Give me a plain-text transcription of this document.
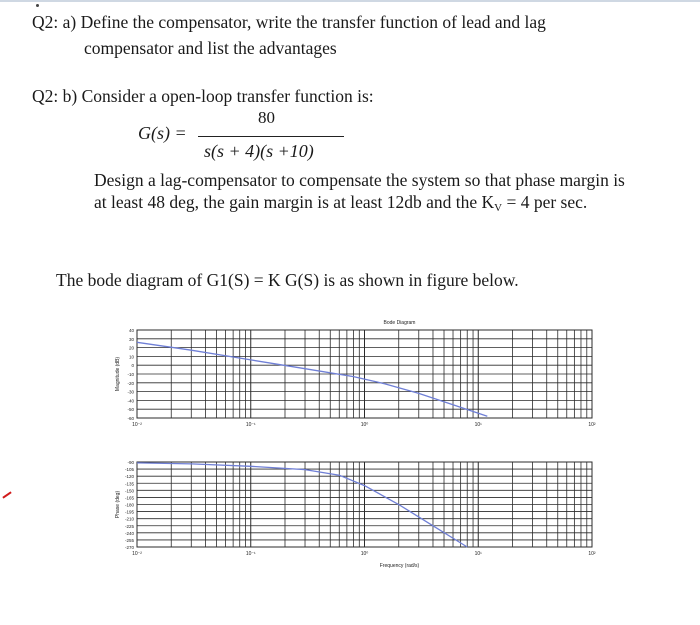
Q2: a) Define the compensator, write the transfer function of lead and lag
compensator and list the advantages
Q2: b) Consider a open-loop transfer function is:
G(s) =
80
s(s + 4)(s +10)
Design a lag-compensator to compensate the system so that phase margin is
at least 48 deg, the gain margin is at least 12db and the $K_V = 4$ per sec.
The bode diagram of G1(S) = K G(S) is as shown in figure below.
40
30
20
10
0
-10
-20
-30
-40
-50
-60
10⁻²	10⁻¹	10⁰	10¹	10²
Magnitude (dB)
Bode Diagram
-90
-105
-120
-135
-150
-165
-180
-195
-210
-225
-240
-255
-270
10⁻²	10⁻¹	10⁰	10¹	10²
Phase (deg)
Frequency (rad/s)
